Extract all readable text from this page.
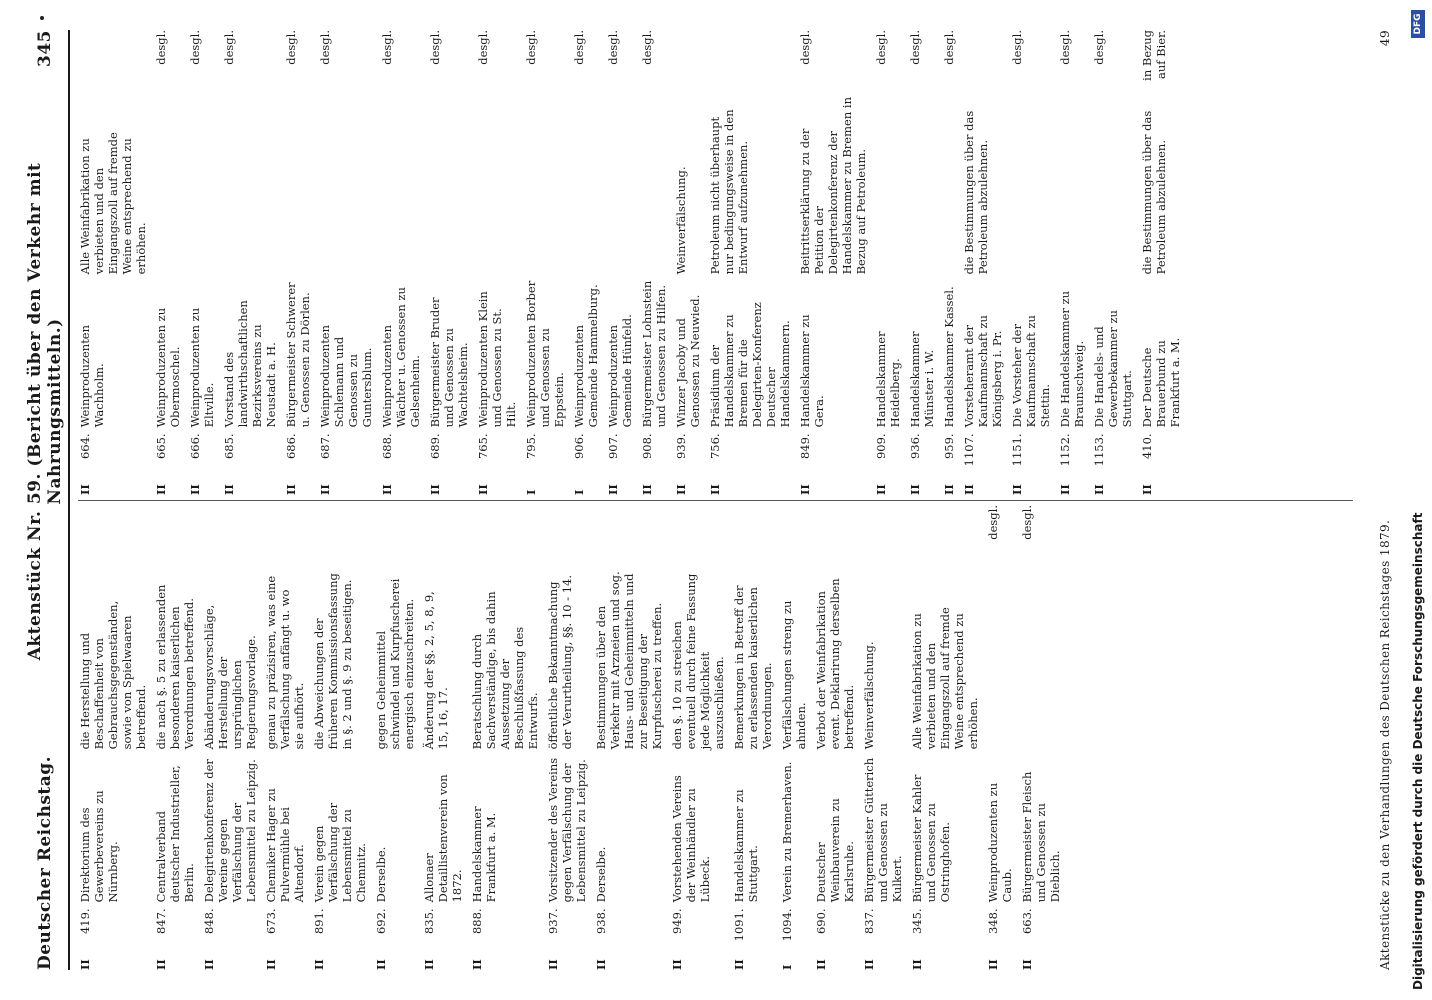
Deutscher Reichstag.
Aktenstück Nr. 59. (Bericht über den Verkehr mit Nahrungsmitteln.)
345
II
419.
Direktorium des Gewerbevereins zu Nürnberg.
die Herstellung und Beschaffenheit von Gebrauchsgegenständen, sowie von Spielwaaren betreffend.
II
847.
Centralverband deutscher Industrieller, Berlin.
die nach §. 5 zu erlassenden besonderen kaiserlichen Verordnungen betreffend.
II
848.
Delegirtenkonferenz der Vereine gegen Verfälschung der Lebensmittel zu Leipzig.
Abänderungsvorschläge, Herstellung der ursprünglichen Regierungsvorlage.
II
673.
Chemiker Hager zu Pulvermühle bei Altendorf.
genau zu präzisiren, was eine Verfälschung anfängt u. wo sie aufhört.
II
891.
Verein gegen Verfälschung der Lebensmittel zu Chemnitz.
die Abweichungen der früheren Kommissionsfassung in §. 2 und §. 9 zu beseitigen.
II
692.
Derselbe.
gegen Geheimmittel schwindel und Kurpfuscherei energisch einzuschreiten.
II
835.
Allonaer Detaillistenverein von 1872.
Änderung der §§. 2, 5, 8, 9, 15, 16, 17.
II
888.
Handelskammer Frankfurt a. M.
Beratschlung durch Sachverständige, bis dahin Aussetzung der Beschlußfassung des Entwurfs.
II
937.
Vorsitzender des Vereins gegen Verfälschung der Lebensmittel zu Leipzig.
öffentliche Bekanntmachung der Verurtheilung, §§. 10 - 14.
II
938.
Derselbe.
Bestimmungen über den Verkehr mit Arzneien und sog. Haus- und Geheimmitteln und zur Beseitigung der Kurpfuscherei zu treffen.
II
949.
Vorstehenden Vereins der Weinhändler zu Lübeck.
den §. 10 zu streichen eventuell durch feine Fassung jede Möglichkeit auszuschließen.
II
1091.
Handelskammer zu Stuttgart.
Bemerkungen in Betreff der zu erlassenden kaiserlichen Verordnungen.
I
1094.
Verein zu Bremerhaven.
Verfälschungen streng zu ahnden.
II
690.
Deutscher Weinbauverein zu Karlsruhe.
Verbot der Weinfabrikation event. Deklarirung derselben betreffend.
II
837.
Bürgermeister Gütterich und Genossen zu Kulkert.
Weinverfälschung.
II
345.
Bürgermeister Kahler und Genossen zu Ostringhofen.
Alle Weinfabrikation zu verbieten und den Eingangszoll auf fremde Weine entsprechend zu erhöhen.
II
348.
Weinproduzenten zu Caub.
desgl.
II
663.
Bürgermeister Fleisch und Genossen zu Dieblich.
desgl.
II
664.
Weinproduzenten Wachholm.
Alle Weinfabrikation zu verbieten und den Eingangszoll auf fremde Weine entsprechend zu erhöhen.
II
665.
Weinproduzenten zu Obermoschel.
desgl.
II
666.
Weinproduzenten zu Eltville.
desgl.
II
685.
Vorstand des landwirthschaftlichen Bezirksvereins zu Neustadt a. H.
desgl.
II
686.
Bürgermeister Schwerer u. Genossen zu Dörlen.
desgl.
II
687.
Weinproduzenten Schlemann und Genossen zu Guntersblum.
desgl.
II
688.
Weinproduzenten Wächter u. Genossen zu Gelsenheim.
desgl.
II
689.
Bürgermeister Bruder und Genossen zu Wachtelsheim.
desgl.
II
765.
Weinproduzenten Klein und Genossen zu St. Hilt.
desgl.
I
795.
Weinproduzenten Borber und Genossen zu Eppstein.
desgl.
I
906.
Weinproduzenten Gemeinde Hammelburg.
desgl.
II
907.
Weinproduzenten Gemeinde Hünfeld.
desgl.
II
908.
Bürgermeister Lohnstein und Genossen zu Hilfen.
desgl.
II
939.
Winzer Jacoby und Genossen zu Neuwied.
Weinverfälschung.
II
756.
Präsidium der Handelskammer zu Bremen für die Delegirten-Konferenz Deutscher Handelskammern.
Petroleum nicht überhaupt nur bedingungsweise in den Entwurf aufzunehmen.
II
849.
Handelskammer zu Gera.
Beitrittserklärung zu der Petition der Delegirtenkonferenz der Handelskammer zu Bremen in Bezug auf Petroleum.
desgl.
II
909.
Handelskammer Heidelberg.
desgl.
II
936.
Handelskammer Münster i. W.
desgl.
II
959.
Handelskammer Kassel.
desgl.
II
1107.
Vorsteheramt der Kaufmannschaft zu Königsberg i. Pr.
die Bestimmungen über das Petroleum abzulehnen.
II
1151.
Die Vorsteher der Kaufmannschaft zu Stettin.
desgl.
II
1152.
Die Handelskammer zu Braunschweig.
desgl.
II
1153.
Die Handels- und Gewerbekammer zu Stuttgart.
desgl.
II
410.
Der Deutsche Brauerbund zu Frankfurt a. M.
die Bestimmungen über das Petroleum abzulehnen.
in Bezug auf Bier.
Aktenstücke zu den Verhandlungen des Deutschen Reichstages 1879.
49
Digitalisierung gefördert durch die Deutsche Forschungsgemeinschaft
DFG
